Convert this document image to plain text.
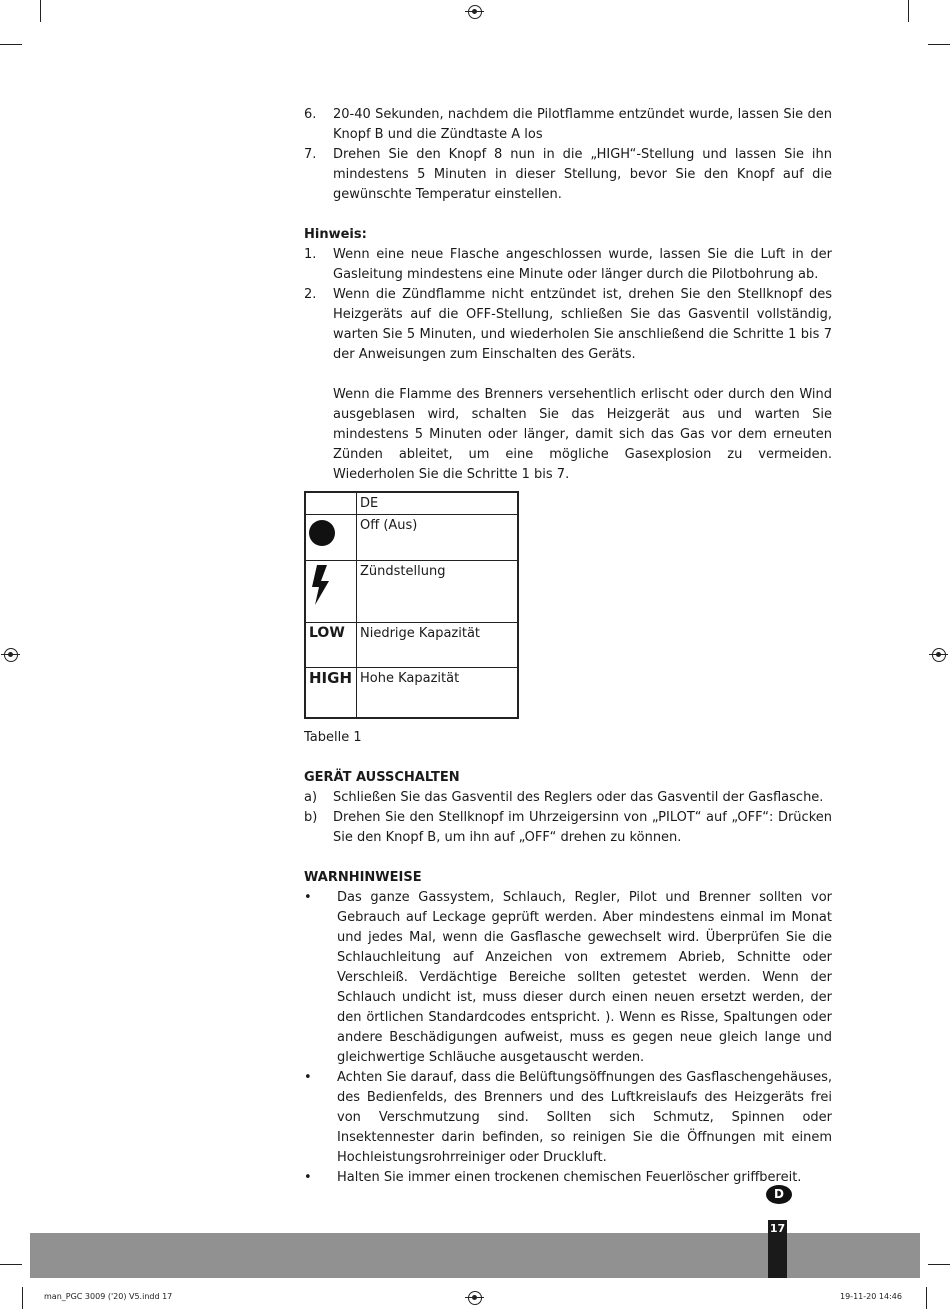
6.	20-40 Sekunden, nachdem die Pilotflamme entzündet wurde, lassen Sie den Knopf B und die Zündtaste A los
7.	Drehen Sie den Knopf 8 nun in die „HIGH“-Stellung und lassen Sie ihn mindestens 5 Minuten in dieser Stellung, bevor Sie den Knopf auf die gewünschte Temperatur einstellen.
Hinweis:
1.	Wenn eine neue Flasche angeschlossen wurde, lassen Sie die Luft in der Gasleitung mindestens eine Minute oder länger durch die Pilotbohrung ab.
2.	Wenn die Zündflamme nicht entzündet ist, drehen Sie den Stellknopf des Heizgeräts auf die OFF-Stellung, schließen Sie das Gasventil vollständig, warten Sie 5 Minuten, und wiederholen Sie anschließend die Schritte 1 bis 7 der Anweisungen zum Einschalten des Geräts.
Wenn die Flamme des Brenners versehentlich erlischt oder durch den Wind ausgeblasen wird, schalten Sie das Heizgerät aus und warten Sie mindestens 5 Minuten oder länger, damit sich das Gas vor dem erneuten Zünden ableitet, um eine mögliche Gasexplosion zu vermeiden. Wiederholen Sie die Schritte 1 bis 7.
	DE

	Off (Aus)
	Zündstellung
LOW	Niedrige Kapazität
HIGH	Hohe Kapazität
Tabelle 1
GERÄT AUSSCHALTEN
a)	Schließen Sie das Gasventil des Reglers oder das Gasventil der Gasflasche.
b)	Drehen Sie den Stellknopf im Uhrzeigersinn von „PILOT“ auf „OFF“: Drücken Sie den Knopf B, um ihn auf „OFF“ drehen zu können.
WARNHINWEISE
•	Das ganze Gassystem, Schlauch, Regler, Pilot und Brenner sollten vor Gebrauch auf Leckage geprüft werden. Aber mindestens einmal im Monat und jedes Mal, wenn die Gasflasche gewechselt wird. Überprüfen Sie die Schlauchleitung auf Anzeichen von extremem Abrieb, Schnitte oder Verschleiß. Verdächtige Bereiche sollten getestet werden. Wenn der Schlauch undicht ist, muss dieser durch einen neuen ersetzt werden, der den örtlichen Standardcodes entspricht. ). Wenn es Risse, Spaltungen oder andere Beschädigungen aufweist, muss es gegen neue gleich lange und gleichwertige Schläuche ausgetauscht werden.
•	Achten Sie darauf, dass die Belüftungsöffnungen des Gasflaschengehäuses, des Bedienfelds, des Brenners und des Luftkreislaufs des Heizgeräts frei von Verschmutzung sind. Sollten sich Schmutz, Spinnen oder Insektennester darin befinden, so reinigen Sie die Öffnungen mit einem Hochleistungsrohrreiniger oder Druckluft.
•	Halten Sie immer einen trockenen chemischen Feuerlöscher griffbereit.
D
17
man_PGC 3009 ('20) V5.indd 17	19-11-20 14:46
